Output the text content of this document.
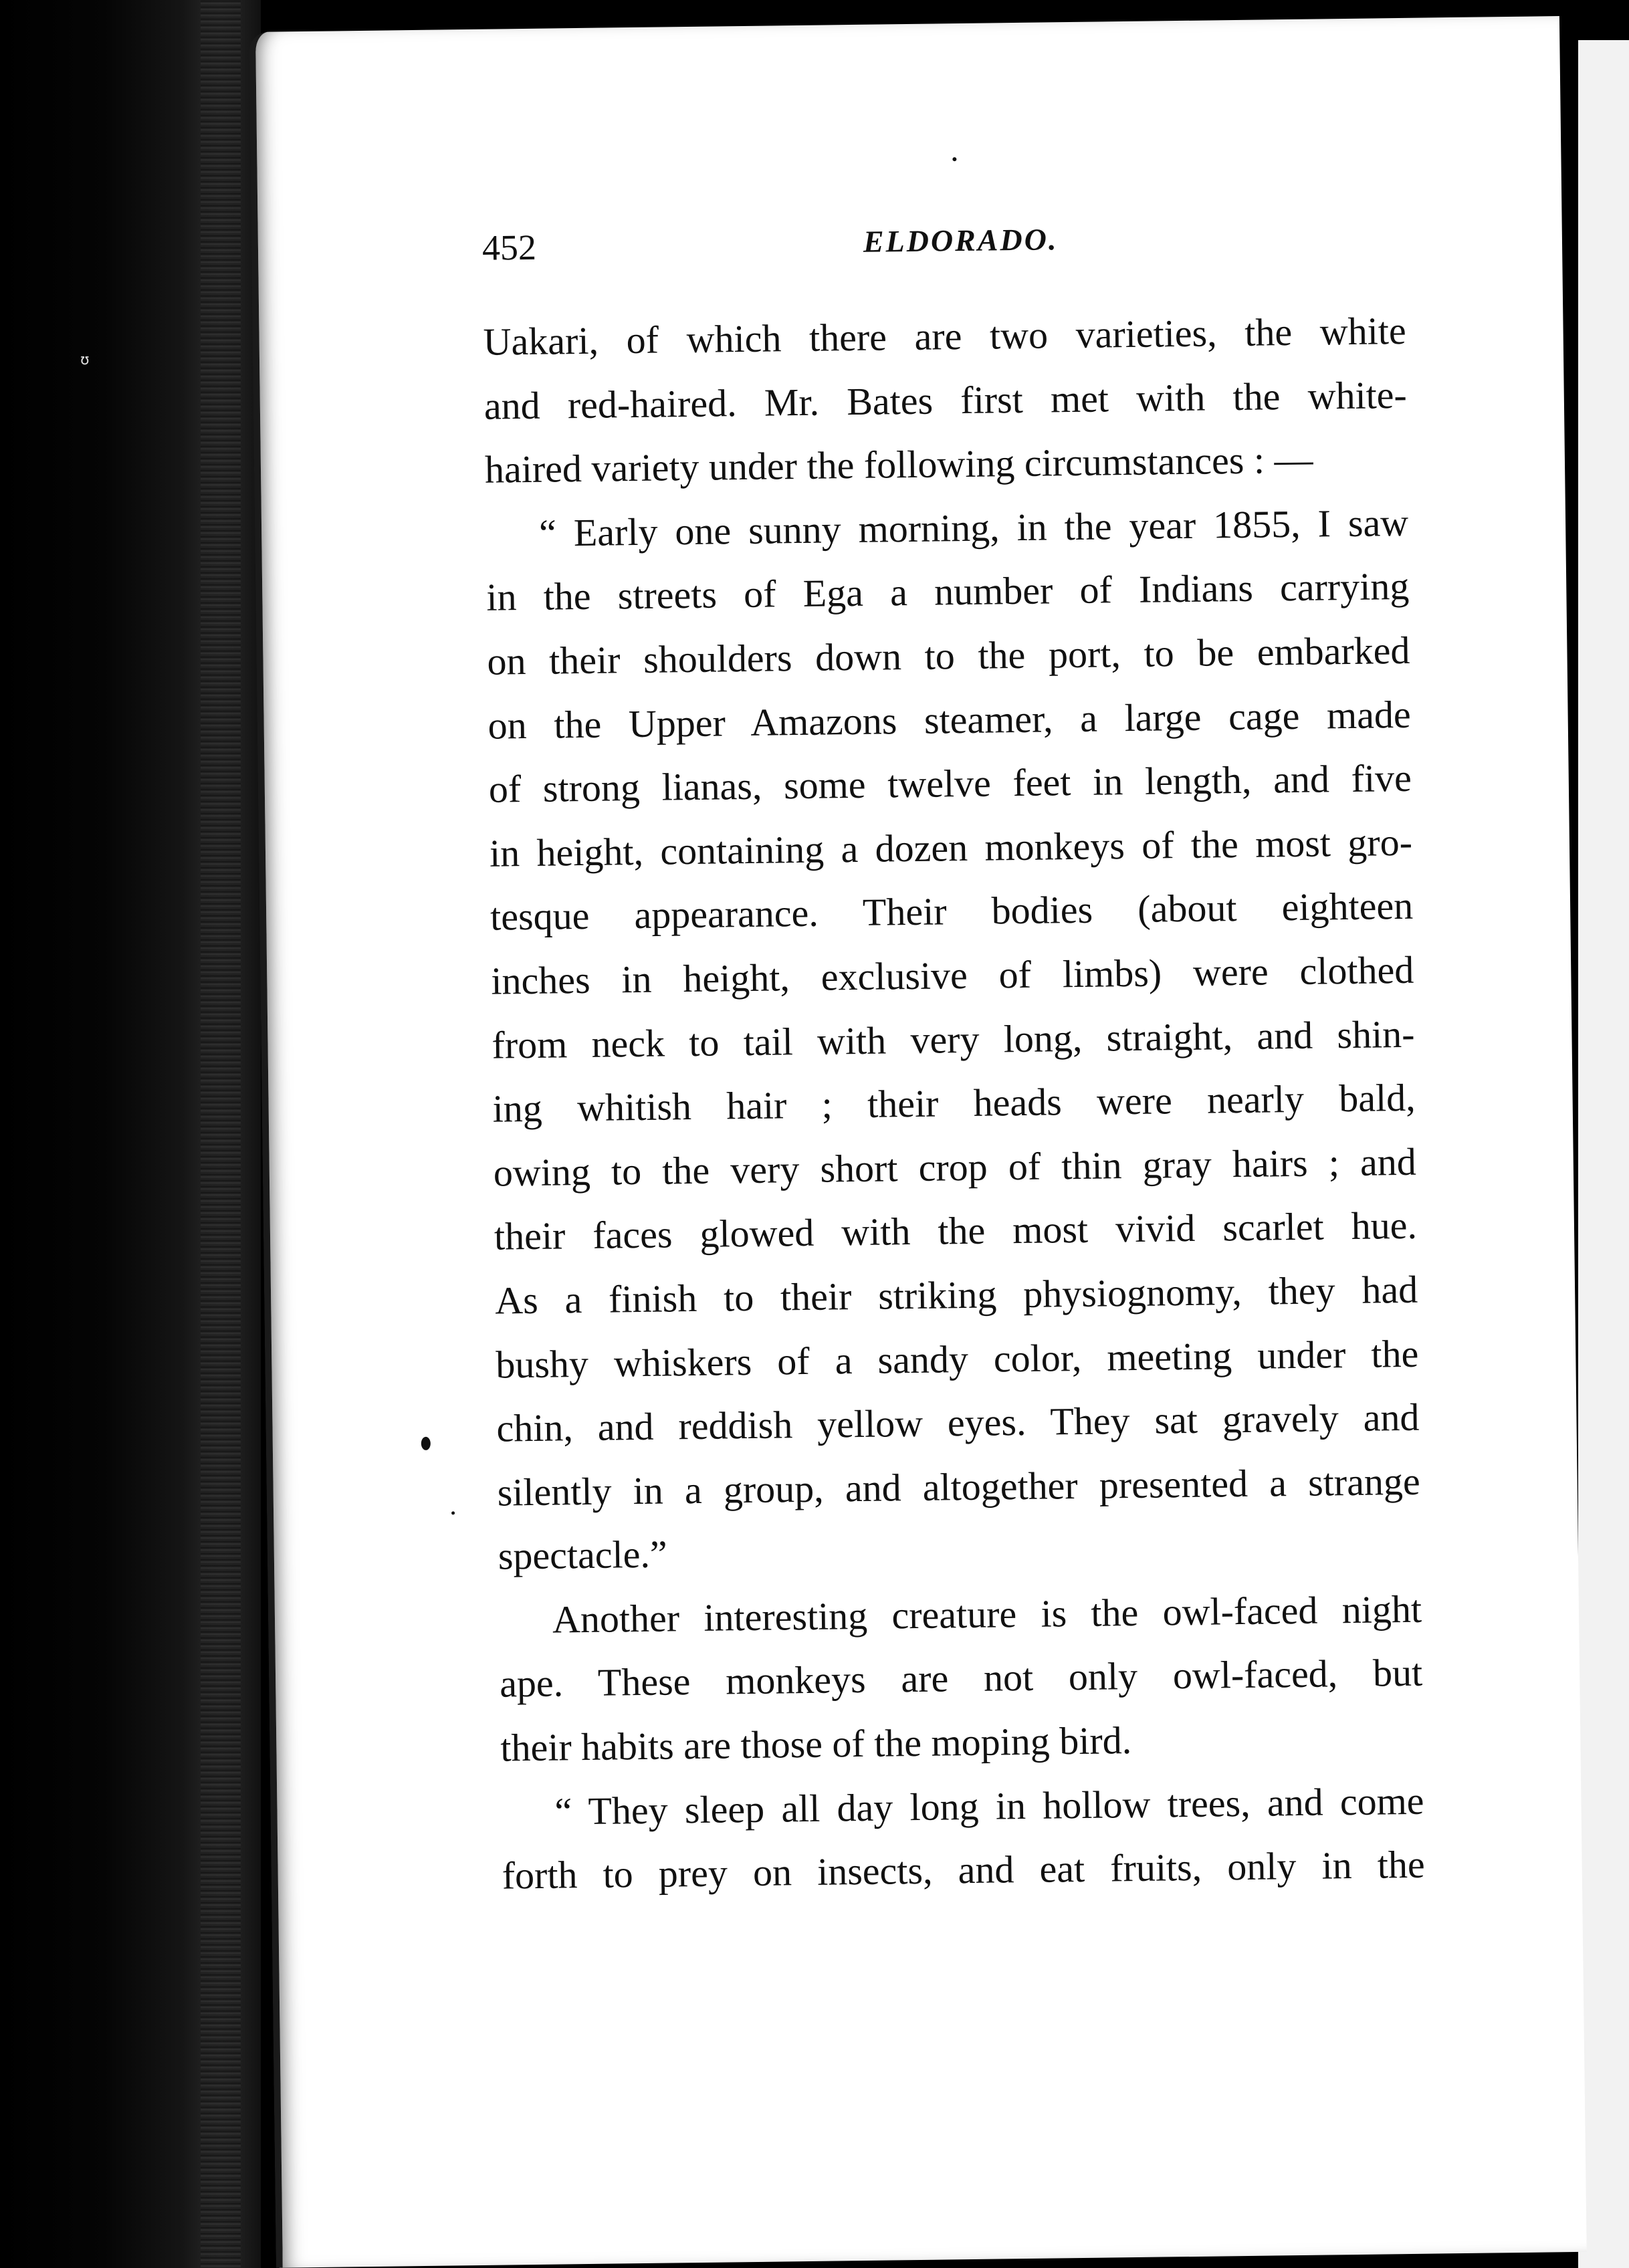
ʊ
452	ELDORADO.
Uakari, of which there are two varieties, the white
and red-haired. Mr. Bates first met with the white-
haired variety under the following circumstances : —
“ Early one sunny morning, in the year 1855, I saw
in the streets of Ega a number of Indians carrying
on their shoulders down to the port, to be embarked
on the Upper Amazons steamer, a large cage made
of strong lianas, some twelve feet in length, and five
in height, containing a dozen monkeys of the most gro-
tesque appearance. Their bodies (about eighteen
inches in height, exclusive of limbs) were clothed
from neck to tail with very long, straight, and shin-
ing whitish hair ; their heads were nearly bald,
owing to the very short crop of thin gray hairs ; and
their faces glowed with the most vivid scarlet hue.
As a finish to their striking physiognomy, they had
bushy whiskers of a sandy color, meeting under the
chin, and reddish yellow eyes. They sat gravely and
silently in a group, and altogether presented a strange
spectacle.”
Another interesting creature is the owl-faced night
ape. These monkeys are not only owl-faced, but
their habits are those of the moping bird.
“ They sleep all day long in hollow trees, and come
forth to prey on insects, and eat fruits, only in the
